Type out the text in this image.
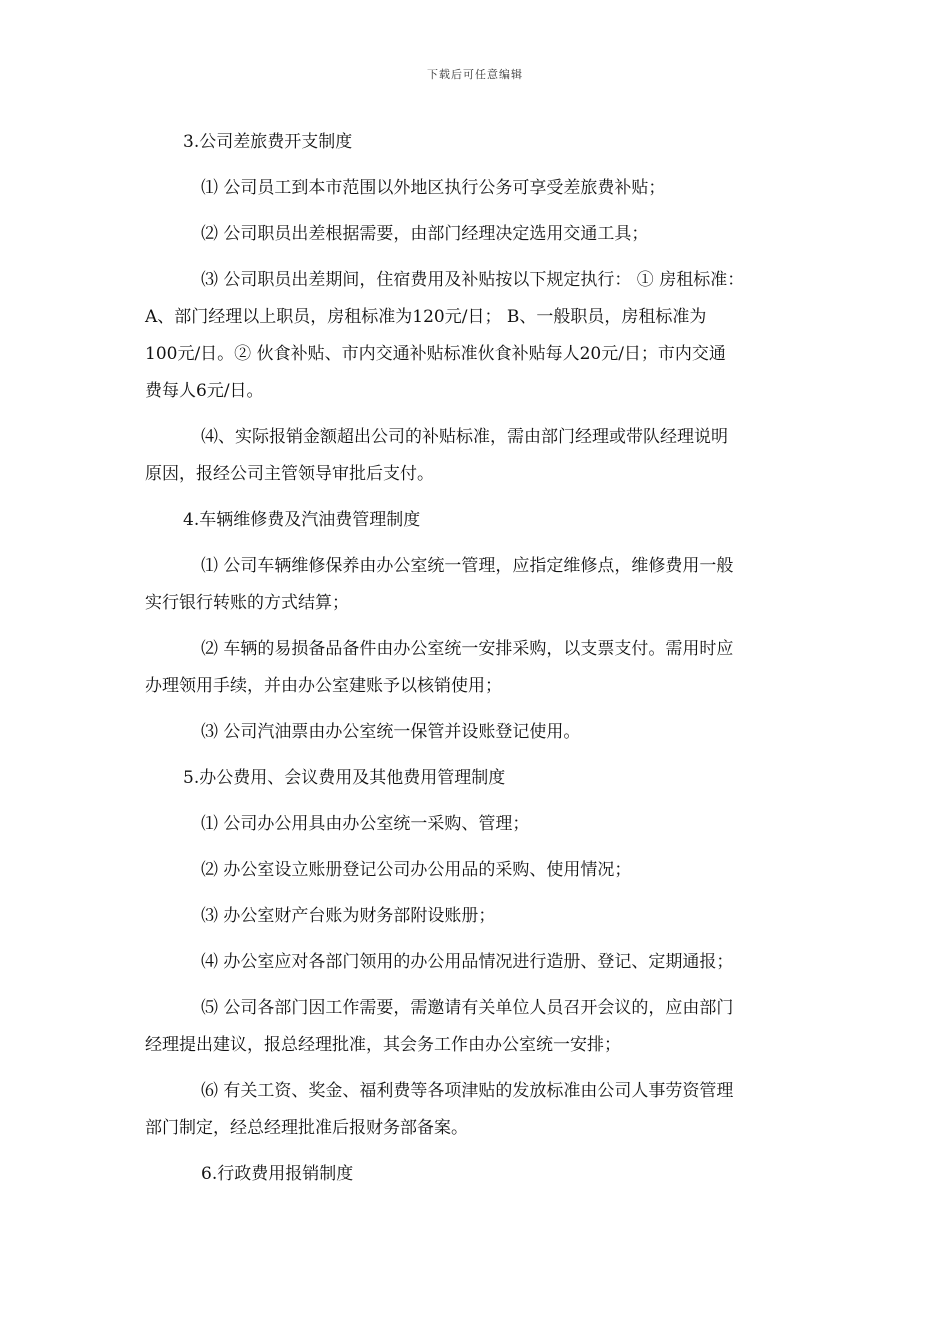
下载后可任意编辑

3.公司差旅费开支制度

⑴ 公司员工到本市范围以外地区执行公务可享受差旅费补贴；

⑵ 公司职员出差根据需要，由部门经理决定选用交通工具；

⑶ 公司职员出差期间，住宿费用及补贴按以下规定执行： ① 房租标准：

A、部门经理以上职员，房租标准为120元/日； B、一般职员，房租标准为

100元/日。② 伙食补贴、市内交通补贴标准伙食补贴每人20元/日；市内交通

费每人6元/日。

⑷、实际报销金额超出公司的补贴标准，需由部门经理或带队经理说明

原因，报经公司主管领导审批后支付。

4.车辆维修费及汽油费管理制度

⑴ 公司车辆维修保养由办公室统一管理，应指定维修点，维修费用一般

实行银行转账的方式结算；

⑵ 车辆的易损备品备件由办公室统一安排采购，以支票支付。需用时应

办理领用手续，并由办公室建账予以核销使用；

⑶ 公司汽油票由办公室统一保管并设账登记使用。

5.办公费用、会议费用及其他费用管理制度

⑴ 公司办公用具由办公室统一采购、管理；

⑵ 办公室设立账册登记公司办公用品的采购、使用情况；

⑶ 办公室财产台账为财务部附设账册；

⑷ 办公室应对各部门领用的办公用品情况进行造册、登记、定期通报；

⑸ 公司各部门因工作需要，需邀请有关单位人员召开会议的，应由部门

经理提出建议，报总经理批准，其会务工作由办公室统一安排；

⑹ 有关工资、奖金、福利费等各项津贴的发放标准由公司人事劳资管理

部门制定，经总经理批准后报财务部备案。

6.行政费用报销制度
